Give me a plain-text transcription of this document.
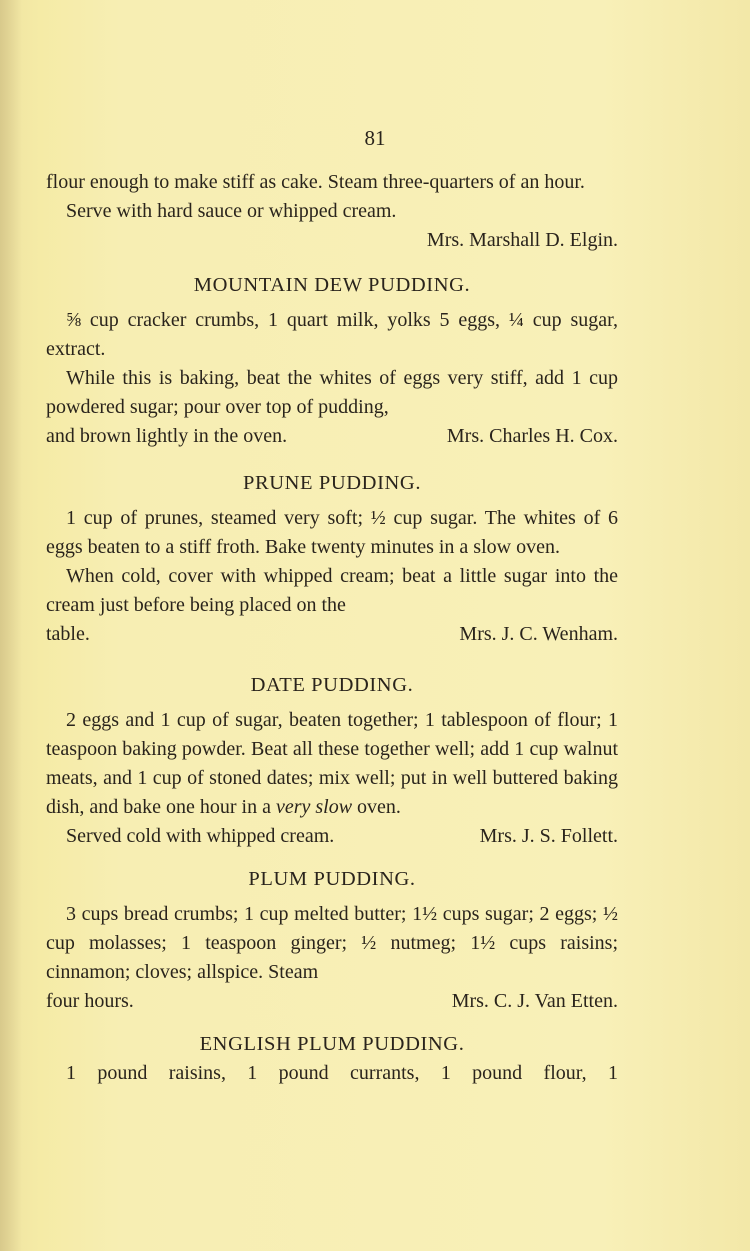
81

flour enough to make stiff as cake. Steam three-quarters of an hour.

Serve with hard sauce or whipped cream.

Mrs. Marshall D. Elgin.

MOUNTAIN DEW PUDDING.

⅝ cup cracker crumbs, 1 quart milk, yolks 5 eggs, ¼ cup sugar, extract.

While this is baking, beat the whites of eggs very stiff, add 1 cup powdered sugar; pour over top of pudding,

and brown lightly in the oven.	Mrs. Charles H. Cox.

PRUNE PUDDING.

1 cup of prunes, steamed very soft; ½ cup sugar. The whites of 6 eggs beaten to a stiff froth. Bake twenty minutes in a slow oven.

When cold, cover with whipped cream; beat a little sugar into the cream just before being placed on the

table.	Mrs. J. C. Wenham.

DATE PUDDING.

2 eggs and 1 cup of sugar, beaten together; 1 tablespoon of flour; 1 teaspoon baking powder. Beat all these together well; add 1 cup walnut meats, and 1 cup of stoned dates; mix well; put in well buttered baking dish, and bake one hour in a very slow oven.

Served cold with whipped cream.	Mrs. J. S. Follett.

PLUM PUDDING.

3 cups bread crumbs; 1 cup melted butter; 1½ cups sugar; 2 eggs; ½ cup molasses; 1 teaspoon ginger; ½ nutmeg; 1½ cups raisins; cinnamon; cloves; allspice. Steam

four hours.	Mrs. C. J. Van Etten.

ENGLISH PLUM PUDDING.

1 pound raisins, 1 pound currants, 1 pound flour, 1
